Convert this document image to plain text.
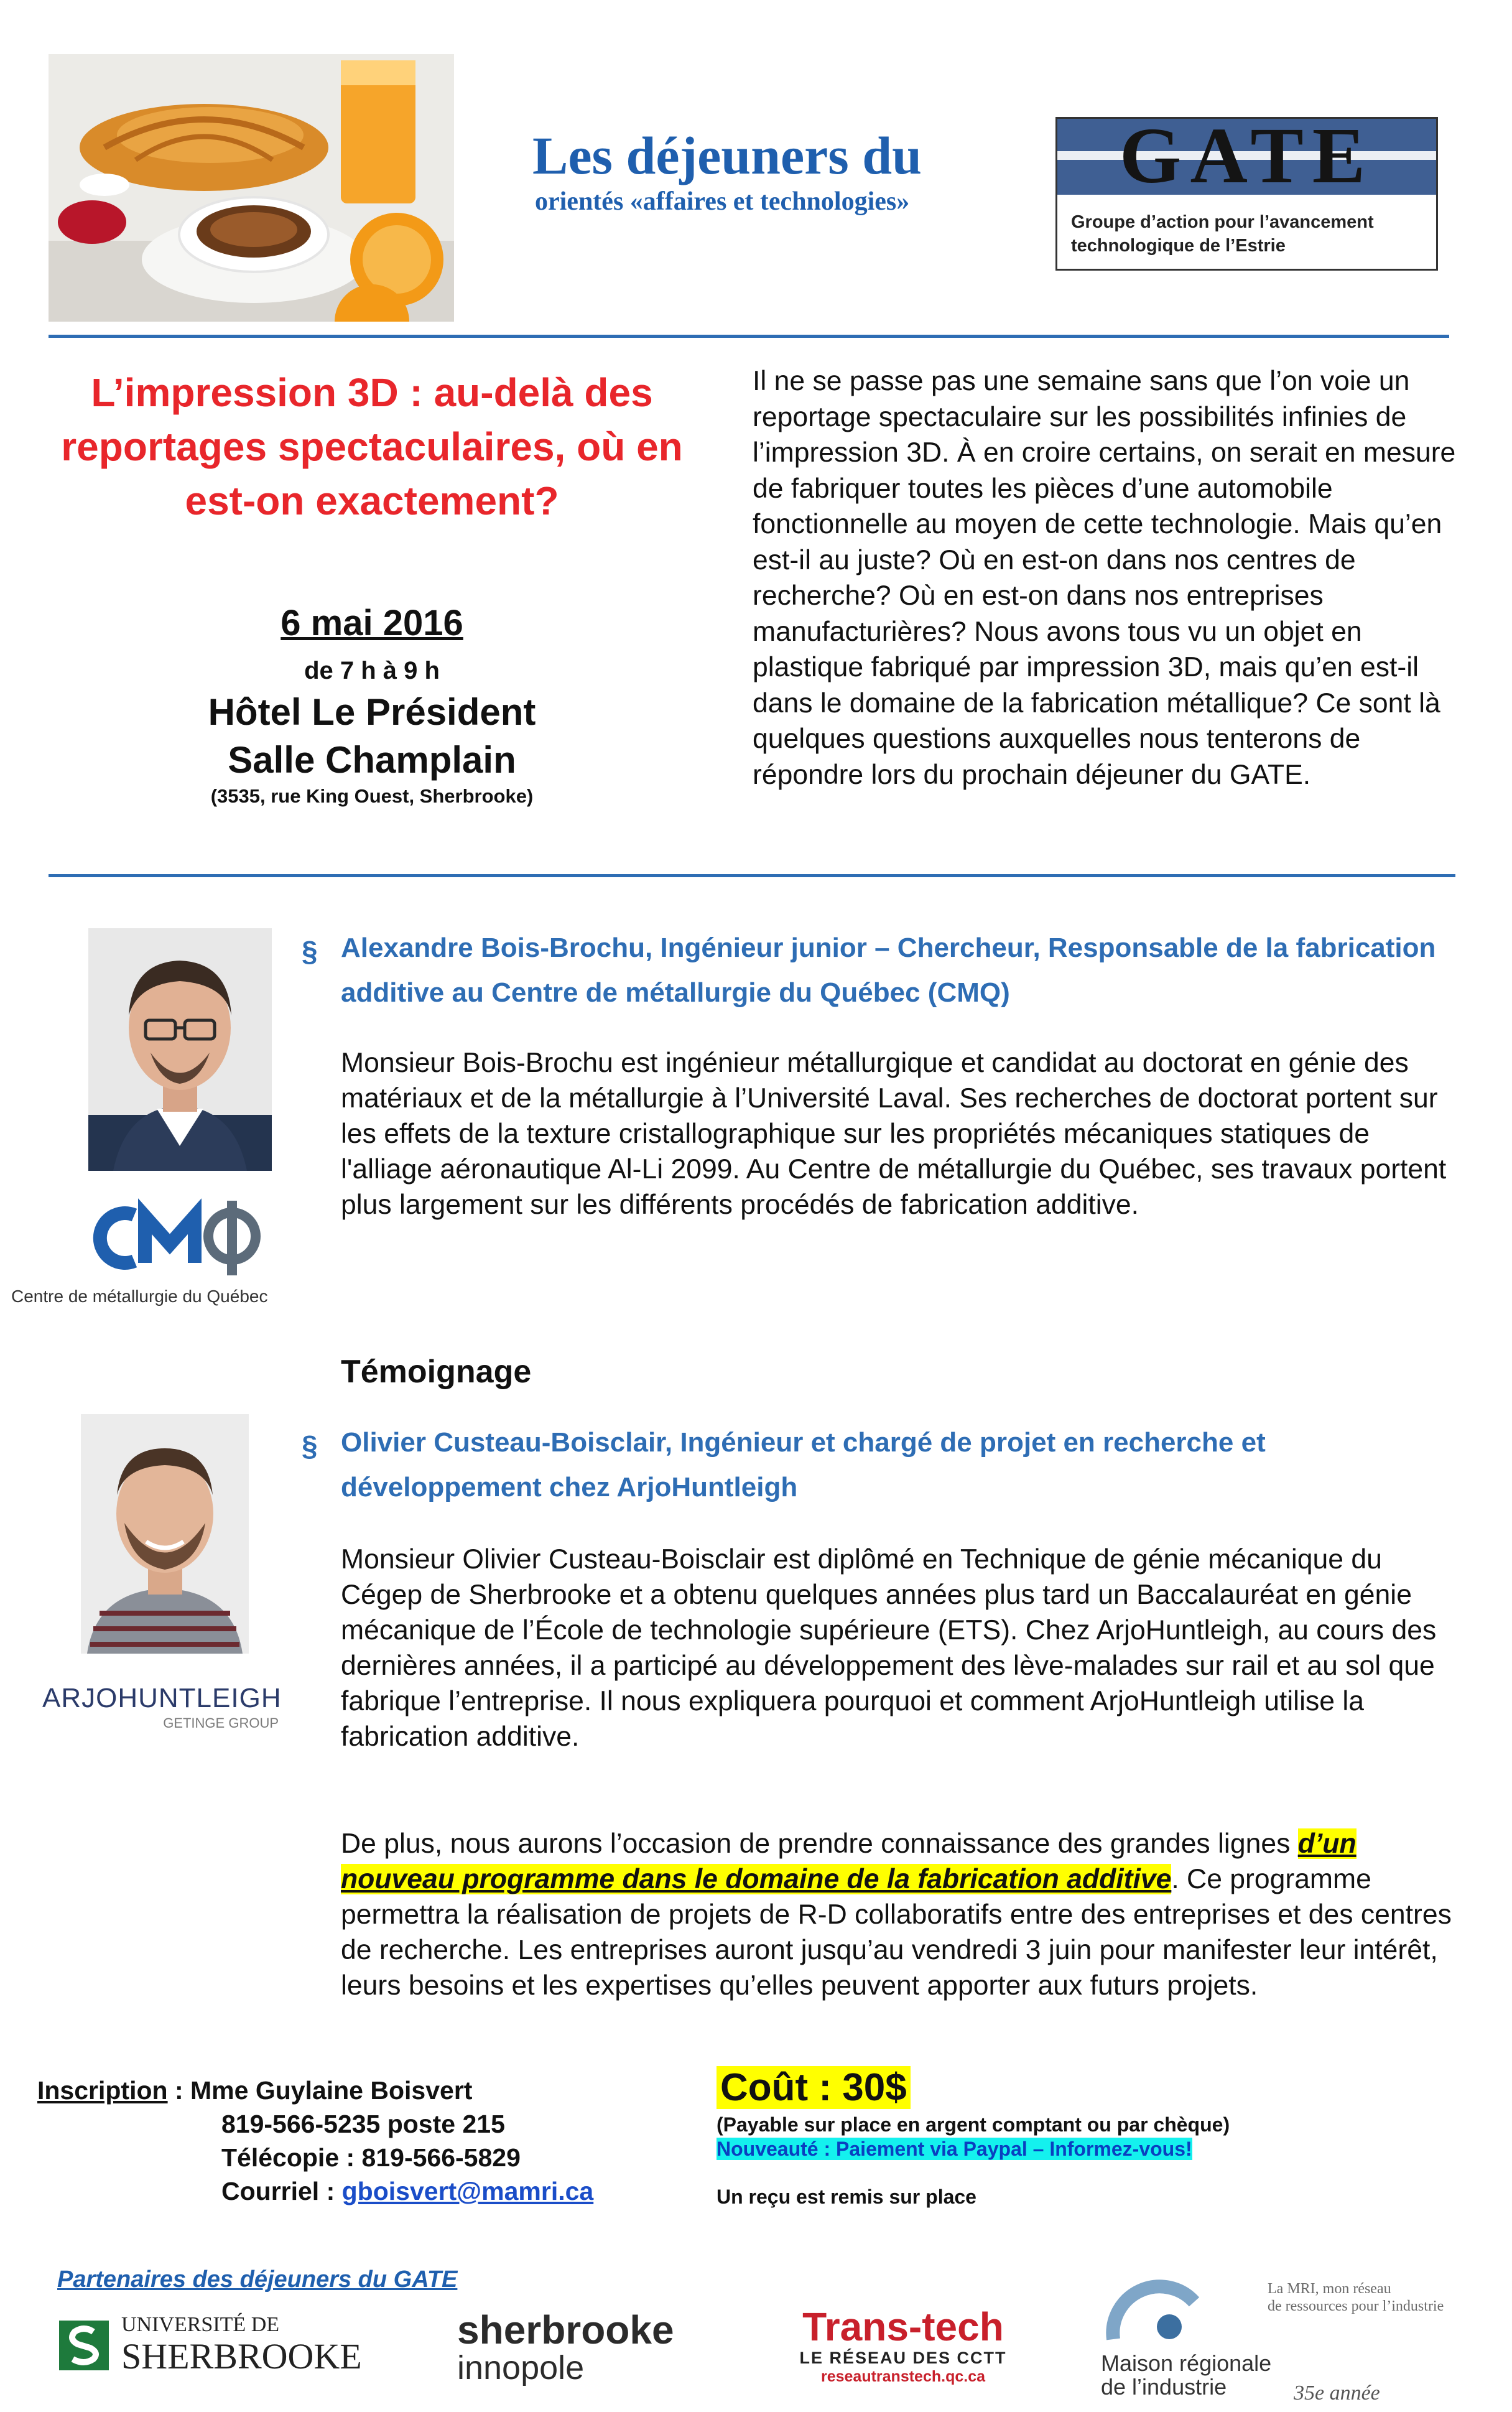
Les déjeuners du
orientés «affaires et technologies»
GATE
Groupe d’action pour l’avancement
technologique de l’Estrie
L’impression 3D : au-delà des reportages spectaculaires, où en est-on exactement?
6 mai 2016
de 7 h à 9 h
Hôtel Le Président
Salle Champlain
(3535, rue King Ouest, Sherbrooke)
Il ne se passe pas une semaine sans que l’on voie un reportage spectaculaire sur les possibilités infinies de l’impression 3D. À en croire certains, on serait en mesure de fabriquer toutes les pièces d’une automobile fonctionnelle au moyen de cette technologie. Mais qu’en est-il au juste? Où en est-on dans nos centres de recherche? Où en est-on dans nos entreprises manufacturières? Nous avons tous vu un objet en plastique fabriqué par impression 3D, mais qu’en est-il dans le domaine de la fabrication métallique? Ce sont là quelques questions auxquelles nous tenterons de répondre lors du prochain déjeuner du GATE.
Centre de métallurgie du Québec
§ Alexandre Bois-Brochu, Ingénieur junior – Chercheur, Responsable de la fabrication additive au Centre de métallurgie du Québec (CMQ)
Monsieur Bois-Brochu est ingénieur métallurgique et candidat au doctorat en génie des matériaux et de la métallurgie à l’Université Laval. Ses recherches de doctorat portent sur les effets de la texture cristallographique sur les propriétés mécaniques statiques de l'alliage aéronautique Al-Li 2099. Au Centre de métallurgie du Québec, ses travaux portent plus largement sur les différents procédés de fabrication additive.
Témoignage
ARJOHUNTLEIGH
GETINGE GROUP
§ Olivier Custeau-Boisclair, Ingénieur et chargé de projet en recherche et développement chez ArjoHuntleigh
Monsieur Olivier Custeau-Boisclair est diplômé en Technique de génie mécanique du Cégep de Sherbrooke et a obtenu quelques années plus tard un Baccalauréat en génie mécanique de l’École de technologie supérieure (ETS). Chez ArjoHuntleigh, au cours des dernières années, il a participé au développement des lève-malades sur rail et au sol que fabrique l’entreprise. Il nous expliquera pourquoi et comment ArjoHuntleigh utilise la fabrication additive.
De plus, nous aurons l’occasion de prendre connaissance des grandes lignes d’un nouveau programme dans le domaine de la fabrication additive. Ce programme permettra la réalisation de projets de R-D collaboratifs entre des entreprises et des centres de recherche. Les entreprises auront jusqu’au vendredi 3 juin pour manifester leur intérêt, leurs besoins et les expertises qu’elles peuvent apporter aux futurs projets.
Inscription : Mme Guylaine Boisvert
819-566-5235 poste 215
Télécopie : 819-566-5829
Courriel : gboisvert@mamri.ca
Coût : 30$
(Payable sur place en argent comptant ou par chèque)
Nouveauté : Paiement via Paypal – Informez-vous!
Un reçu est remis sur place
Partenaires des déjeuners du GATE
UNIVERSITÉ DE
SHERBROOKE
sherbrooke
innopole
Trans-tech
LE RÉSEAU DES CCTT
reseautranstech.qc.ca
La MRI, mon réseau
de ressources pour l’industrie
Maison régionale
de l’industrie	35e année
